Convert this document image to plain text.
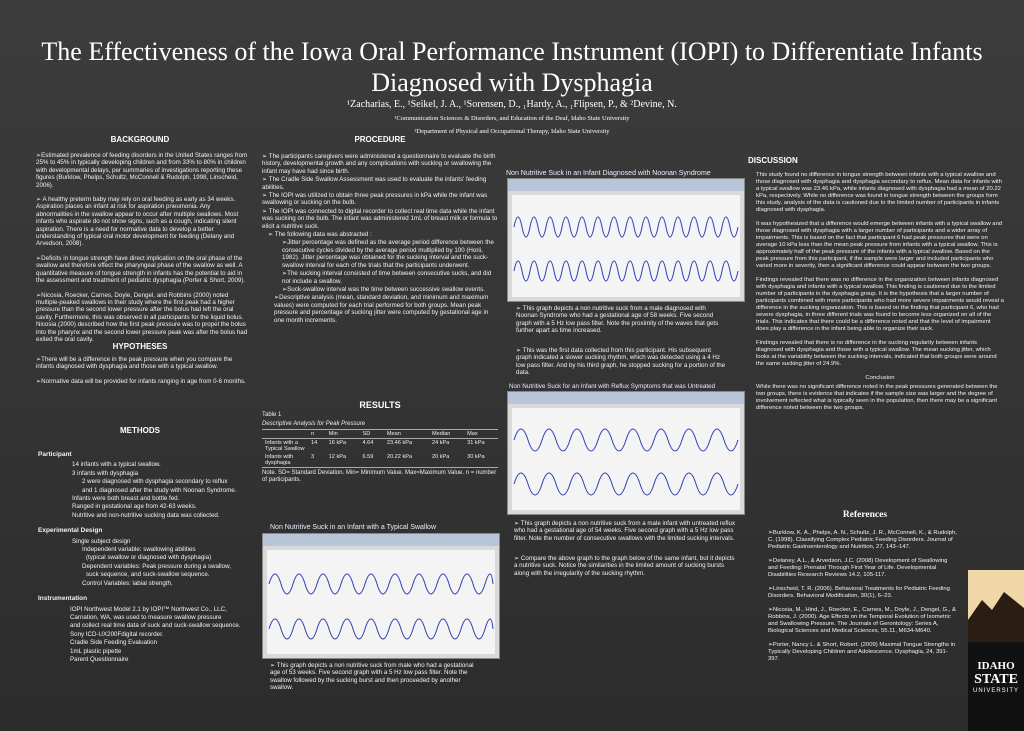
The Effectiveness of the Iowa Oral Performance Instrument (IOPI) to Differentiate Infants Diagnosed with Dysphagia
¹Zacharias, E., ¹Seikel, J. A., ¹Sorensen, D., ₁Hardy, A., ₁Flipsen, P., & ²Devine, N.
¹Communication Sciences & Disorders, and Education of the Deaf, Idaho State University
²Department of Physical and Occupational Therapy, Idaho State University
BACKGROUND

➢Estimated prevalence of feeding disorders in the United States ranges from 25% to 45% in typically developing children and from 33% to 80% in children with developmental delays, per summaries of investigations reporting these figures (Burklow, Phelps, Schultz, McConnell & Rudolph, 1998, Linscheid, 2006).

➢ A healthy preterm baby may rely on oral feeding as early as 34 weeks. Aspiration places an infant at risk for aspiration pneumonia. Any abnormalities in the swallow appear to occur after multiple swallows. Most infants who aspirate do not show signs, such as a cough, indicating silent aspiration. There is a need for normative data to develop a better understanding of typical oral motor development for feeding (Delany and Arvedson, 2008).

➢Deficits in tongue strength have direct implication on the oral phase of the swallow and therefore effect the pharyngeal phase of the swallow as well. A quantitative measure of tongue strength in infants has the potential to aid in the assessment and treatment of pediatric dysphagia (Porter & Short, 2009).

➢Nicosia, Roecker, Carnes, Doyle, Dengel, and Robbins (2000) noted multiple-peaked swallows in their study where the first peak had a higher pressure than the second lower pressure after the bolus had left the oral cavity. Furthermore, this was observed in all participants for the liquid bolus. Nicosia (2000) described how the first peak pressure was to propel the bolus into the pharynx and the second lower pressure peak was after the bolus had exited the oral cavity.

HYPOTHESES

➢There will be a difference in the peak pressure when you compare the infants diagnosed with dysphagia and those with a typical swallow.

➢Normative data will be provided for infants ranging in age from 0-6 months.

METHODS
Participant
14 infants with a typical swallow.
3 infants with dysphagia
2 were diagnosed with dysphagia secondary to reflux
and 1 diagnosed after the study with Noonan Syndrome.
Infants were both breast and bottle fed.
Ranged in gestational age from 42-63 weeks.
Nutritive and non-nutritive sucking data was collected.
Experimental Design
Single subject design
Independent variable: swallowing abilities
(typical swallow or diagnosed with dysphagia)
Dependent variables: Peak pressure during a swallow,
suck sequence, and suck-swallow sequence.
Control Variables: labial strength.
Instrumentation
IOPI Northwest Model 2.1 by IOPI™ Northwest Co., LLC,
Carnation, WA, was used to measure swallow pressure
and collect real time data of suck and suck-swallow sequence.
Sony ICD-UX200Fdigital recorder.
Cradle Side Feeding Evaluation
1mL plastic pipette
Parent Questionnaire
PROCEDURE
➢ The participants caregivers were administered a questionnaire to evaluate the birth history, developmental growth and any complications with sucking or swallowing the infant may have had since birth.
➢ The Cradle Side Swallow Assessment was used to evaluate the infants' feeding abilities.
➢ The IOPI was utilized to obtain three peak pressures in kPa while the infant was swallowing or sucking on the bulb.
➢ The IOPI was connected to digital recorder to collect real time data while the infant was sucking on the bulb. The infant was administered 1mL of breast milk or formula to elicit a nutritive suck.
➢ The following data was abstracted :
➢Jitter percentage was defined as the average period difference between the consecutive cycles divided by the average period multiplied by 100 (Horii, 1982). Jitter percentage was obtained for the sucking interval and the suck- swallow interval for each of the trials that the participants underwent.
➢The sucking interval consisted of time between consecutive sucks, and did not include a swallow.
➢Suck-swallow interval was the time between successive swallow events.
➢Descriptive analysis (mean, standard deviation, and minimum and maximum values) were computed for each trial performed for both groups. Mean peak pressure and percentage of sucking jitter were computed by gestational age in one month increments.
RESULTS
Table 1
Descriptive Analysis for Peak Pressure
	n	Min	SD	Mean	Median	Max
Infants with a Typical Swallow	14	16 kPa	4.64	23.46 kPa	24 kPa	31 kPa
Infants with dysphagia	3	12 kPa	6.59	20.22 kPa	20 kPa	30 kPa
Note. SD= Standard Deviation. Min= Minimum Value. Max=Maximum Value. n = number of participants.
Non Nutritive Suck in an Infant with a Typical Swallow
➢ This graph depicts a non nutritive suck from male who had a gestational age of 53 weeks. Five second graph with a 5 Hz low pass filter. Note the swallow followed by the sucking burst and then proceeded by another swallow.
Non Nutritive Suck in an Infant Diagnosed with Noonan Syndrome
➢ This graph depicts a non nutritive suck from a male diagnosed with Noonan Syndrome who had a gestational age of 58 weeks. Five second graph with a 5 Hz low pass filter. Note the proximity of the waves that gets further apart as time increased.
➢ This was the first data collected from this participant. His subsequent graph indicated a slower sucking rhythm, which was detected using a 4 Hz low pass filter. And by his third graph, he stopped sucking for a portion of the data.
Non Nutritive Suck for an Infant with Reflux Symptoms that was Untreated
➢ This graph depicts a non nutritive suck from a male infant with untreated reflux who had a gestational age of 54 weeks. Five second graph with a 5 Hz low pass filter. Note the number of consecutive swallows with the limited sucking intervals.
➢ Compare the above graph to the graph below of the same infant, but it depicts a nutritive suck. Notice the similarities in the limited amount of sucking bursts along with the irregularity of the sucking rhythm.
DISCUSSION

This study found no difference in tongue strength between infants with a typical swallow and those diagnosed with dysphagia and dysphagia secondary to reflux. Mean data for infants with a typical swallow was 23.46 kPa, while infants diagnosed with dysphagia had a mean of 20.22 kPa, respectively. While no difference was found in tongue strength between the groups form this study, analysis of the data is cautioned due to the limited number of participants in infants diagnosed with dysphagia.

It was hypothesized that a difference would emerge between infants with a typical swallow and those diagnosed with dysphagia with a larger number of participants and a wider array of impairments. This is based on the fact that participant 6 had peak pressures that were on average 10 kPa less than the mean peak pressure from infants with a typical swallow. This is approximately half of the peak pressure of the infants with a typical swallow. Based on the peak pressure from this participant, if the sample were larger and included participants who varied more in severity, then a significant difference could appear between the two groups.

Findings revealed that there was no difference in the organization between infants diagnosed with dysphagia and infants with a typical swallow. This finding is cautioned due to the limited number of participants in the dysphagia group. It is the hypothesis that a larger number of participants combined with more participants who had more severe impairments would reveal a difference in the sucking organization. This is based on the finding that participant 6, who had severe dysphagia, in three different trials was found to become less organized on all of the trials. This indicates that there could be a difference noted and that the level of impairment does play a difference in the infant being able to organize their suck.

Findings revealed that there is no difference in the sucking regularity between infants diagnosed with dysphagia and those with a typical swallow. The mean sucking jitter, which looks at the variability between the sucking intervals, indicated that both groups were around the same sucking jitter of 24.9%.

Conclusion

While there was no significant difference noted in the peak pressures generated between the two groups, there is evidence that indicates if the sample size was larger and the degree of involvement reflected what is typically seen in the population, then there may be a significant difference noted between the two groups.

References

➢Burklow, K. A., Phelps, A. N., Schultz, J. R., McConnell, K., & Rudolph, C. (1998). Classifying Complex Pediatric Feeding Disorders. Journal of Pediatric Gastroenterology and Nutrition, 27, 143–147.

➢Delaney, A.L., & Arvedson, J.C. (2008) Development of Swallowing and Feeding: Prenatal Through First Year of Life. Developmental Disabilities Research Reviews 14.2, 105-117.

➢Linscheid, T. R. (2006). Behavioral Treatments for Pediatric Feeding Disorders. Behavioral Modification, 30(1), 6–23.

➢Nicosia, M., Hind, J., Roecker, E., Carnes, M., Doyle, J., Dengel, G., & Robbins, J. (2000). Age Effects on the Temporal Evolution of Isometric and Swallowing Pressure. The Journals of Gerontology: Series A, Biological Sciences and Medical Sciences, 55.11, M634-M640.

➢Porter, Nancy L. & Short, Robert. (2009) Maximal Tongue Strengths in Typically Developing Children and Adolescence. Dysphagia, 24, 391-397.

IDAHO
STATE
UNIVERSITY
